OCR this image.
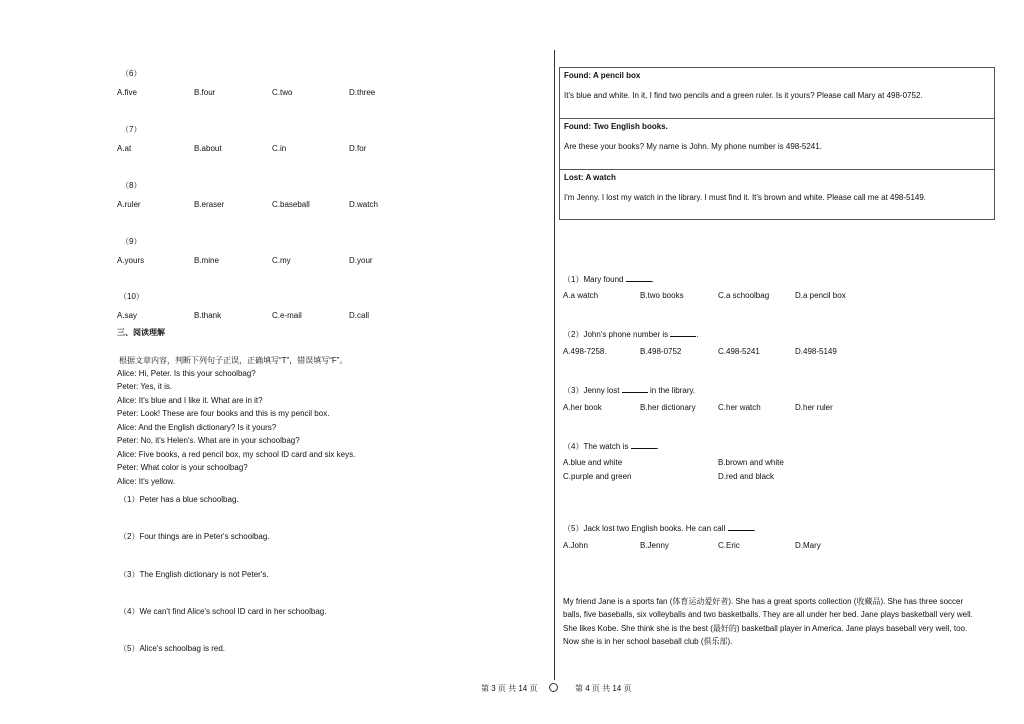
（6）
A.five	B.four	C.two	D.three
（7）
A.at	B.about	C.in	D.for
（8）
A.ruler	B.eraser	C.baseball	D.watch
（9）
A.yours	B.mine	C.my	D.your
（10）
A.say	B.thank	C.e-mail	D.call
三、阅读理解
根据文章内容，判断下列句子正误，正确填写“T”，错误填写“F”。
Alice: Hi, Peter. Is this your schoolbag?
Peter: Yes, it is.
Alice: It's blue and I like it. What are in it?
Peter: Look! These are four books and this is my pencil box.
Alice: And the English dictionary? Is it yours?
Peter: No, it's Helen's. What are in your schoolbag?
Alice: Five books, a red pencil box, my school ID card and six keys.
Peter: What color is your schoolbag?
Alice: It's yellow.
（1）Peter has a blue schoolbag.
（2）Four things are in Peter's schoolbag.
（3）The English dictionary is not Peter's.
（4）We can't find Alice's school ID card in her schoolbag.
（5）Alice's schoolbag is red.
Found: A pencil box
It's blue and white. In it, I find two pencils and a green ruler. Is it yours? Please call Mary at 498-0752.
Found: Two English books.
Are these your books? My name is John. My phone number is 498-5241.
Lost: A watch
I'm Jenny. I lost my watch in the library. I must find it. It's brown and white. Please call me at 498-5149.
（1）Mary found	.
A.a watch	B.two books	C.a schoolbag	D.a pencil box
（2）John's phone number is	.
A.498-7258.	B.498-0752	C.498-5241	D.498-5149
（3）Jenny lost	in the library.
A.her book	B.her dictionary	C.her watch	D.her ruler
（4）The watch is	.
A.blue and white	B.brown and white
C.purple and green	D.red and black
（5）Jack lost two English books. He can call	.
A.John	B.Jenny	C.Eric	D.Mary
My friend Jane is a sports fan (体育运动爱好者). She has a great sports collection (收藏品). She has three soccer
balls, five baseballs, six volleyballs and two basketballs. They are all under her bed. Jane plays basketball very well.
She likes Kobe. She think she is the best (最好的) basketball player in America. Jane plays baseball very well, too.
Now she is in her school baseball club (俱乐部).
第 3 页 共 14 页	第 4 页 共 14 页
